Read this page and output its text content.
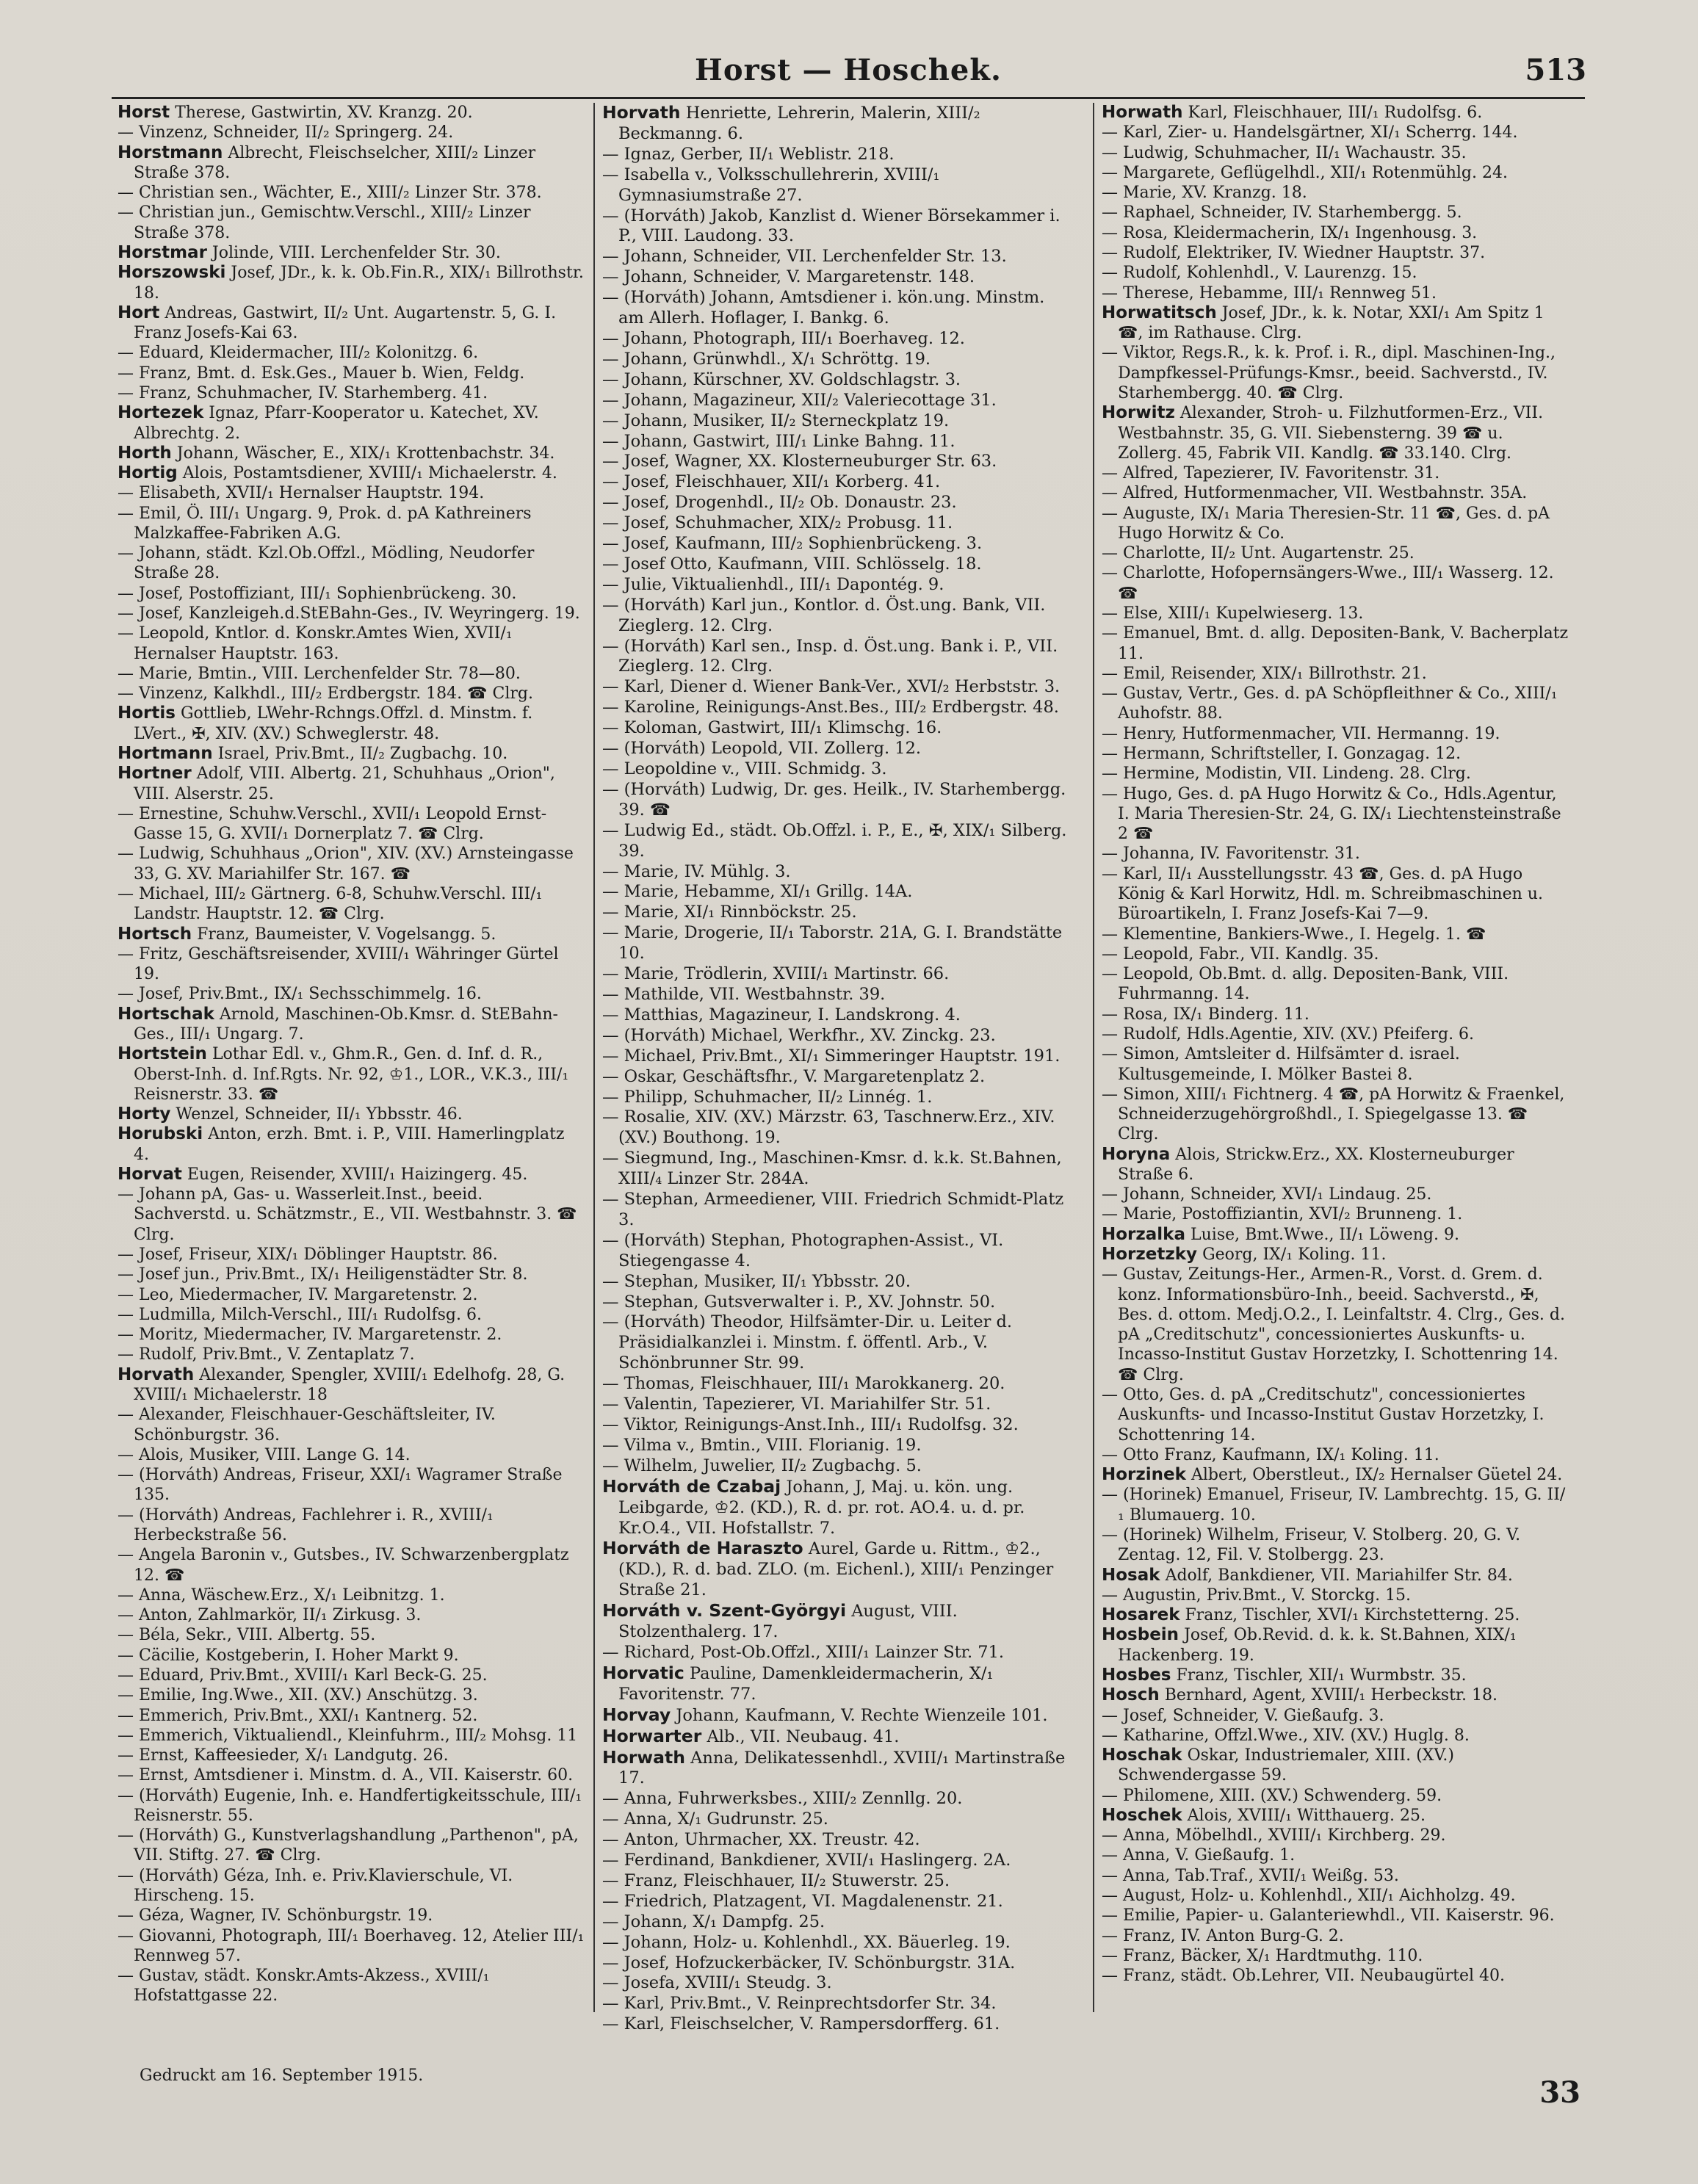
Horst — Hoschek.	513

Horst Therese, Gastwirtin, XV. Kranzg. 20.

— Vinzenz, Schneider, II/₂ Springerg. 24.

Horstmann Albrecht, Fleischselcher, XIII/₂ Linzer Straße 378.

— Christian sen., Wächter, E., XIII/₂ Linzer Str. 378.

— Christian jun., Gemischtw.Verschl., XIII/₂ Linzer Straße 378.

Horstmar Jolinde, VIII. Lerchenfelder Str. 30.

Horszowski Josef, JDr., k. k. Ob.Fin.R., XIX/₁ Billrothstr. 18.

Hort Andreas, Gastwirt, II/₂ Unt. Augartenstr. 5, G. I. Franz Josefs-Kai 63.

— Eduard, Kleidermacher, III/₂ Kolonitzg. 6.

— Franz, Bmt. d. Esk.Ges., Mauer b. Wien, Feldg.

— Franz, Schuhmacher, IV. Starhemberg. 41.

Hortezek Ignaz, Pfarr-Kooperator u. Katechet, XV. Albrechtg. 2.

Horth Johann, Wäscher, E., XIX/₁ Krottenbachstr. 34.

Hortig Alois, Postamtsdiener, XVIII/₁ Michaelerstr. 4.

— Elisabeth, XVII/₁ Hernalser Hauptstr. 194.

— Emil, Ö. III/₁ Ungarg. 9, Prok. d. pA Kathreiners Malzkaffee-Fabriken A.G.

— Johann, städt. Kzl.Ob.Offzl., Mödling, Neudorfer Straße 28.

— Josef, Postoffiziant, III/₁ Sophienbrückeng. 30.

— Josef, Kanzleigeh.d.StEBahn-Ges., IV. Weyringerg. 19.

— Leopold, Kntlor. d. Konskr.Amtes Wien, XVII/₁ Hernalser Hauptstr. 163.

— Marie, Bmtin., VIII. Lerchenfelder Str. 78—80.

— Vinzenz, Kalkhdl., III/₂ Erdbergstr. 184. ☎ Clrg.

Hortis Gottlieb, LWehr-Rchngs.Offzl. d. Minstm. f. LVert., ✠, XIV. (XV.) Schweglerstr. 48.

Hortmann Israel, Priv.Bmt., II/₂ Zugbachg. 10.

Hortner Adolf, VIII. Albertg. 21, Schuhhaus „Orion", VIII. Alserstr. 25.

— Ernestine, Schuhw.Verschl., XVII/₁ Leopold Ernst-Gasse 15, G. XVII/₁ Dornerplatz 7. ☎ Clrg.

— Ludwig, Schuhhaus „Orion", XIV. (XV.) Arnsteingasse 33, G. XV. Mariahilfer Str. 167. ☎

— Michael, III/₂ Gärtnerg. 6-8, Schuhw.Verschl. III/₁ Landstr. Hauptstr. 12. ☎ Clrg.

Hortsch Franz, Baumeister, V. Vogelsangg. 5.

— Fritz, Geschäftsreisender, XVIII/₁ Währinger Gürtel 19.

— Josef, Priv.Bmt., IX/₁ Sechsschimmelg. 16.

Hortschak Arnold, Maschinen-Ob.Kmsr. d. StEBahn-Ges., III/₁ Ungarg. 7.

Hortstein Lothar Edl. v., Ghm.R., Gen. d. Inf. d. R., Oberst-Inh. d. Inf.Rgts. Nr. 92, ♔1., LOR., V.K.3., III/₁ Reisnerstr. 33. ☎

Horty Wenzel, Schneider, II/₁ Ybbsstr. 46.

Horubski Anton, erzh. Bmt. i. P., VIII. Hamerlingplatz 4.

Horvat Eugen, Reisender, XVIII/₁ Haizingerg. 45.

— Johann pA, Gas- u. Wasserleit.Inst., beeid. Sachverstd. u. Schätzmstr., E., VII. Westbahnstr. 3. ☎ Clrg.

— Josef, Friseur, XIX/₁ Döblinger Hauptstr. 86.

— Josef jun., Priv.Bmt., IX/₁ Heiligenstädter Str. 8.

— Leo, Miedermacher, IV. Margaretenstr. 2.

— Ludmilla, Milch-Verschl., III/₁ Rudolfsg. 6.

— Moritz, Miedermacher, IV. Margaretenstr. 2.

— Rudolf, Priv.Bmt., V. Zentaplatz 7.

Horvath Alexander, Spengler, XVIII/₁ Edelhofg. 28, G. XVIII/₁ Michaelerstr. 18

— Alexander, Fleischhauer-Geschäftsleiter, IV. Schönburgstr. 36.

— Alois, Musiker, VIII. Lange G. 14.

— (Horváth) Andreas, Friseur, XXI/₁ Wagramer Straße 135.

— (Horváth) Andreas, Fachlehrer i. R., XVIII/₁ Herbeckstraße 56.

— Angela Baronin v., Gutsbes., IV. Schwarzenbergplatz 12. ☎

— Anna, Wäschew.Erz., X/₁ Leibnitzg. 1.

— Anton, Zahlmarkör, II/₁ Zirkusg. 3.

— Béla, Sekr., VIII. Albertg. 55.

— Cäcilie, Kostgeberin, I. Hoher Markt 9.

— Eduard, Priv.Bmt., XVIII/₁ Karl Beck-G. 25.

— Emilie, Ing.Wwe., XII. (XV.) Anschützg. 3.

— Emmerich, Priv.Bmt., XXI/₁ Kantnerg. 52.

— Emmerich, Viktualiendl., Kleinfuhrm., III/₂ Mohsg. 11

— Ernst, Kaffeesieder, X/₁ Landgutg. 26.

— Ernst, Amtsdiener i. Minstm. d. A., VII. Kaiserstr. 60.

— (Horváth) Eugenie, Inh. e. Handfertigkeitsschule, III/₁ Reisnerstr. 55.

— (Horváth) G., Kunstverlagshandlung „Parthenon", pA, VII. Stiftg. 27. ☎ Clrg.

— (Horváth) Géza, Inh. e. Priv.Klavierschule, VI. Hirscheng. 15.

— Géza, Wagner, IV. Schönburgstr. 19.

— Giovanni, Photograph, III/₁ Boerhaveg. 12, Atelier III/₁ Rennweg 57.

— Gustav, städt. Konskr.Amts-Akzess., XVIII/₁ Hofstattgasse 22.

Horvath Henriette, Lehrerin, Malerin, XIII/₂ Beckmanng. 6.

— Ignaz, Gerber, II/₁ Weblistr. 218.

— Isabella v., Volksschullehrerin, XVIII/₁ Gymnasiumstraße 27.

— (Horváth) Jakob, Kanzlist d. Wiener Börsekammer i. P., VIII. Laudong. 33.

— Johann, Schneider, VII. Lerchenfelder Str. 13.

— Johann, Schneider, V. Margaretenstr. 148.

— (Horváth) Johann, Amtsdiener i. kön.ung. Minstm. am Allerh. Hoflager, I. Bankg. 6.

— Johann, Photograph, III/₁ Boerhaveg. 12.

— Johann, Grünwhdl., X/₁ Schröttg. 19.

— Johann, Kürschner, XV. Goldschlagstr. 3.

— Johann, Magazineur, XII/₂ Valeriecottage 31.

— Johann, Musiker, II/₂ Sterneckplatz 19.

— Johann, Gastwirt, III/₁ Linke Bahng. 11.

— Josef, Wagner, XX. Klosterneuburger Str. 63.

— Josef, Fleischhauer, XII/₁ Korberg. 41.

— Josef, Drogenhdl., II/₂ Ob. Donaustr. 23.

— Josef, Schuhmacher, XIX/₂ Probusg. 11.

— Josef, Kaufmann, III/₂ Sophienbrückeng. 3.

— Josef Otto, Kaufmann, VIII. Schlösselg. 18.

— Julie, Viktualienhdl., III/₁ Dapontég. 9.

— (Horváth) Karl jun., Kontlor. d. Öst.ung. Bank, VII. Zieglerg. 12. Clrg.

— (Horváth) Karl sen., Insp. d. Öst.ung. Bank i. P., VII. Zieglerg. 12. Clrg.

— Karl, Diener d. Wiener Bank-Ver., XVI/₂ Herbststr. 3.

— Karoline, Reinigungs-Anst.Bes., III/₂ Erdbergstr. 48.

— Koloman, Gastwirt, III/₁ Klimschg. 16.

— (Horváth) Leopold, VII. Zollerg. 12.

— Leopoldine v., VIII. Schmidg. 3.

— (Horváth) Ludwig, Dr. ges. Heilk., IV. Starhembergg. 39. ☎

— Ludwig Ed., städt. Ob.Offzl. i. P., E., ✠, XIX/₁ Silberg. 39.

— Marie, IV. Mühlg. 3.

— Marie, Hebamme, XI/₁ Grillg. 14A.

— Marie, XI/₁ Rinnböckstr. 25.

— Marie, Drogerie, II/₁ Taborstr. 21A, G. I. Brandstätte 10.

— Marie, Trödlerin, XVIII/₁ Martinstr. 66.

— Mathilde, VII. Westbahnstr. 39.

— Matthias, Magazineur, I. Landskrong. 4.

— (Horváth) Michael, Werkfhr., XV. Zinckg. 23.

— Michael, Priv.Bmt., XI/₁ Simmeringer Hauptstr. 191.

— Oskar, Geschäftsfhr., V. Margaretenplatz 2.

— Philipp, Schuhmacher, II/₂ Linnég. 1.

— Rosalie, XIV. (XV.) Märzstr. 63, Taschnerw.Erz., XIV. (XV.) Bouthong. 19.

— Siegmund, Ing., Maschinen-Kmsr. d. k.k. St.Bahnen, XIII/₄ Linzer Str. 284A.

— Stephan, Armeediener, VIII. Friedrich Schmidt-Platz 3.

— (Horváth) Stephan, Photographen-Assist., VI. Stiegengasse 4.

— Stephan, Musiker, II/₁ Ybbsstr. 20.

— Stephan, Gutsverwalter i. P., XV. Johnstr. 50.

— (Horváth) Theodor, Hilfsämter-Dir. u. Leiter d. Präsidialkanzlei i. Minstm. f. öffentl. Arb., V. Schönbrunner Str. 99.

— Thomas, Fleischhauer, III/₁ Marokkanerg. 20.

— Valentin, Tapezierer, VI. Mariahilfer Str. 51.

— Viktor, Reinigungs-Anst.Inh., III/₁ Rudolfsg. 32.

— Vilma v., Bmtin., VIII. Florianig. 19.

— Wilhelm, Juwelier, II/₂ Zugbachg. 5.

Horváth de Czabaj Johann, J, Maj. u. kön. ung. Leibgarde, ♔2. (KD.), R. d. pr. rot. AO.4. u. d. pr. Kr.O.4., VII. Hofstallstr. 7.

Horváth de Haraszto Aurel, Garde u. Rittm., ♔2., (KD.), R. d. bad. ZLO. (m. Eichenl.), XIII/₁ Penzinger Straße 21.

Horváth v. Szent-Györgyi August, VIII. Stolzenthalerg. 17.

— Richard, Post-Ob.Offzl., XIII/₁ Lainzer Str. 71.

Horvatic Pauline, Damenkleidermacherin, X/₁ Favoritenstr. 77.

Horvay Johann, Kaufmann, V. Rechte Wienzeile 101.

Horwarter Alb., VII. Neubaug. 41.

Horwath Anna, Delikatessenhdl., XVIII/₁ Martinstraße 17.

— Anna, Fuhrwerksbes., XIII/₂ Zennllg. 20.

— Anna, X/₁ Gudrunstr. 25.

— Anton, Uhrmacher, XX. Treustr. 42.

— Ferdinand, Bankdiener, XVII/₁ Haslingerg. 2A.

— Franz, Fleischhauer, II/₂ Stuwerstr. 25.

— Friedrich, Platzagent, VI. Magdalenenstr. 21.

— Johann, X/₁ Dampfg. 25.

— Johann, Holz- u. Kohlenhdl., XX. Bäuerleg. 19.

— Josef, Hofzuckerbäcker, IV. Schönburgstr. 31A.

— Josefa, XVIII/₁ Steudg. 3.

— Karl, Priv.Bmt., V. Reinprechtsdorfer Str. 34.

— Karl, Fleischselcher, V. Rampersdorfferg. 61.

Horwath Karl, Fleischhauer, III/₁ Rudolfsg. 6.

— Karl, Zier- u. Handelsgärtner, XI/₁ Scherrg. 144.

— Ludwig, Schuhmacher, II/₁ Wachaustr. 35.

— Margarete, Geflügelhdl., XII/₁ Rotenmühlg. 24.

— Marie, XV. Kranzg. 18.

— Raphael, Schneider, IV. Starhembergg. 5.

— Rosa, Kleidermacherin, IX/₁ Ingenhousg. 3.

— Rudolf, Elektriker, IV. Wiedner Hauptstr. 37.

— Rudolf, Kohlenhdl., V. Laurenzg. 15.

— Therese, Hebamme, III/₁ Rennweg 51.

Horwatitsch Josef, JDr., k. k. Notar, XXI/₁ Am Spitz 1 ☎, im Rathause. Clrg.

— Viktor, Regs.R., k. k. Prof. i. R., dipl. Maschinen-Ing., Dampfkessel-Prüfungs-Kmsr., beeid. Sachverstd., IV. Starhembergg. 40. ☎ Clrg.

Horwitz Alexander, Stroh- u. Filzhutformen-Erz., VII. Westbahnstr. 35, G. VII. Siebensterng. 39 ☎ u. Zollerg. 45, Fabrik VII. Kandlg. ☎ 33.140. Clrg.

— Alfred, Tapezierer, IV. Favoritenstr. 31.

— Alfred, Hutformenmacher, VII. Westbahnstr. 35A.

— Auguste, IX/₁ Maria Theresien-Str. 11 ☎, Ges. d. pA Hugo Horwitz & Co.

— Charlotte, II/₂ Unt. Augartenstr. 25.

— Charlotte, Hofopernsängers-Wwe., III/₁ Wasserg. 12. ☎

— Else, XIII/₁ Kupelwieserg. 13.

— Emanuel, Bmt. d. allg. Depositen-Bank, V. Bacherplatz 11.

— Emil, Reisender, XIX/₁ Billrothstr. 21.

— Gustav, Vertr., Ges. d. pA Schöpfleithner & Co., XIII/₁ Auhofstr. 88.

— Henry, Hutformenmacher, VII. Hermanng. 19.

— Hermann, Schriftsteller, I. Gonzagag. 12.

— Hermine, Modistin, VII. Lindeng. 28. Clrg.

— Hugo, Ges. d. pA Hugo Horwitz & Co., Hdls.Agentur, I. Maria Theresien-Str. 24, G. IX/₁ Liechtensteinstraße 2 ☎

— Johanna, IV. Favoritenstr. 31.

— Karl, II/₁ Ausstellungsstr. 43 ☎, Ges. d. pA Hugo König & Karl Horwitz, Hdl. m. Schreibmaschinen u. Büroartikeln, I. Franz Josefs-Kai 7—9.

— Klementine, Bankiers-Wwe., I. Hegelg. 1. ☎

— Leopold, Fabr., VII. Kandlg. 35.

— Leopold, Ob.Bmt. d. allg. Depositen-Bank, VIII. Fuhrmanng. 14.

— Rosa, IX/₁ Binderg. 11.

— Rudolf, Hdls.Agentie, XIV. (XV.) Pfeiferg. 6.

— Simon, Amtsleiter d. Hilfsämter d. israel. Kultusgemeinde, I. Mölker Bastei 8.

— Simon, XIII/₁ Fichtnerg. 4 ☎, pA Horwitz & Fraenkel, Schneiderzugehörgroßhdl., I. Spiegelgasse 13. ☎ Clrg.

Horyna Alois, Strickw.Erz., XX. Klosterneuburger Straße 6.

— Johann, Schneider, XVI/₁ Lindaug. 25.

— Marie, Postoffiziantin, XVI/₂ Brunneng. 1.

Horzalka Luise, Bmt.Wwe., II/₁ Löweng. 9.

Horzetzky Georg, IX/₁ Koling. 11.

— Gustav, Zeitungs-Her., Armen-R., Vorst. d. Grem. d. konz. Informationsbüro-Inh., beeid. Sachverstd., ✠, Bes. d. ottom. Medj.O.2., I. Leinfaltstr. 4. Clrg., Ges. d. pA „Creditschutz", concessioniertes Auskunfts- u. Incasso-Institut Gustav Horzetzky, I. Schottenring 14. ☎ Clrg.

— Otto, Ges. d. pA „Creditschutz", concessioniertes Auskunfts- und Incasso-Institut Gustav Horzetzky, I. Schottenring 14.

— Otto Franz, Kaufmann, IX/₁ Koling. 11.

Horzinek Albert, Oberstleut., IX/₂ Hernalser Güetel 24.

— (Horinek) Emanuel, Friseur, IV. Lambrechtg. 15, G. II/₁ Blumauerg. 10.

— (Horinek) Wilhelm, Friseur, V. Stolberg. 20, G. V. Zentag. 12, Fil. V. Stolbergg. 23.

Hosak Adolf, Bankdiener, VII. Mariahilfer Str. 84.

— Augustin, Priv.Bmt., V. Storckg. 15.

Hosarek Franz, Tischler, XVI/₁ Kirchstetterng. 25.

Hosbein Josef, Ob.Revid. d. k. k. St.Bahnen, XIX/₁ Hackenberg. 19.

Hosbes Franz, Tischler, XII/₁ Wurmbstr. 35.

Hosch Bernhard, Agent, XVIII/₁ Herbeckstr. 18.

— Josef, Schneider, V. Gießaufg. 3.

— Katharine, Offzl.Wwe., XIV. (XV.) Huglg. 8.

Hoschak Oskar, Industriemaler, XIII. (XV.) Schwendergasse 59.

— Philomene, XIII. (XV.) Schwenderg. 59.

Hoschek Alois, XVIII/₁ Witthauerg. 25.

— Anna, Möbelhdl., XVIII/₁ Kirchberg. 29.

— Anna, V. Gießaufg. 1.

— Anna, Tab.Traf., XVII/₁ Weißg. 53.

— August, Holz- u. Kohlenhdl., XII/₁ Aichholzg. 49.

— Emilie, Papier- u. Galanteriewhdl., VII. Kaiserstr. 96.

— Franz, IV. Anton Burg-G. 2.

— Franz, Bäcker, X/₁ Hardtmuthg. 110.

— Franz, städt. Ob.Lehrer, VII. Neubaugürtel 40.

Gedruckt am 16. September 1915.	33
